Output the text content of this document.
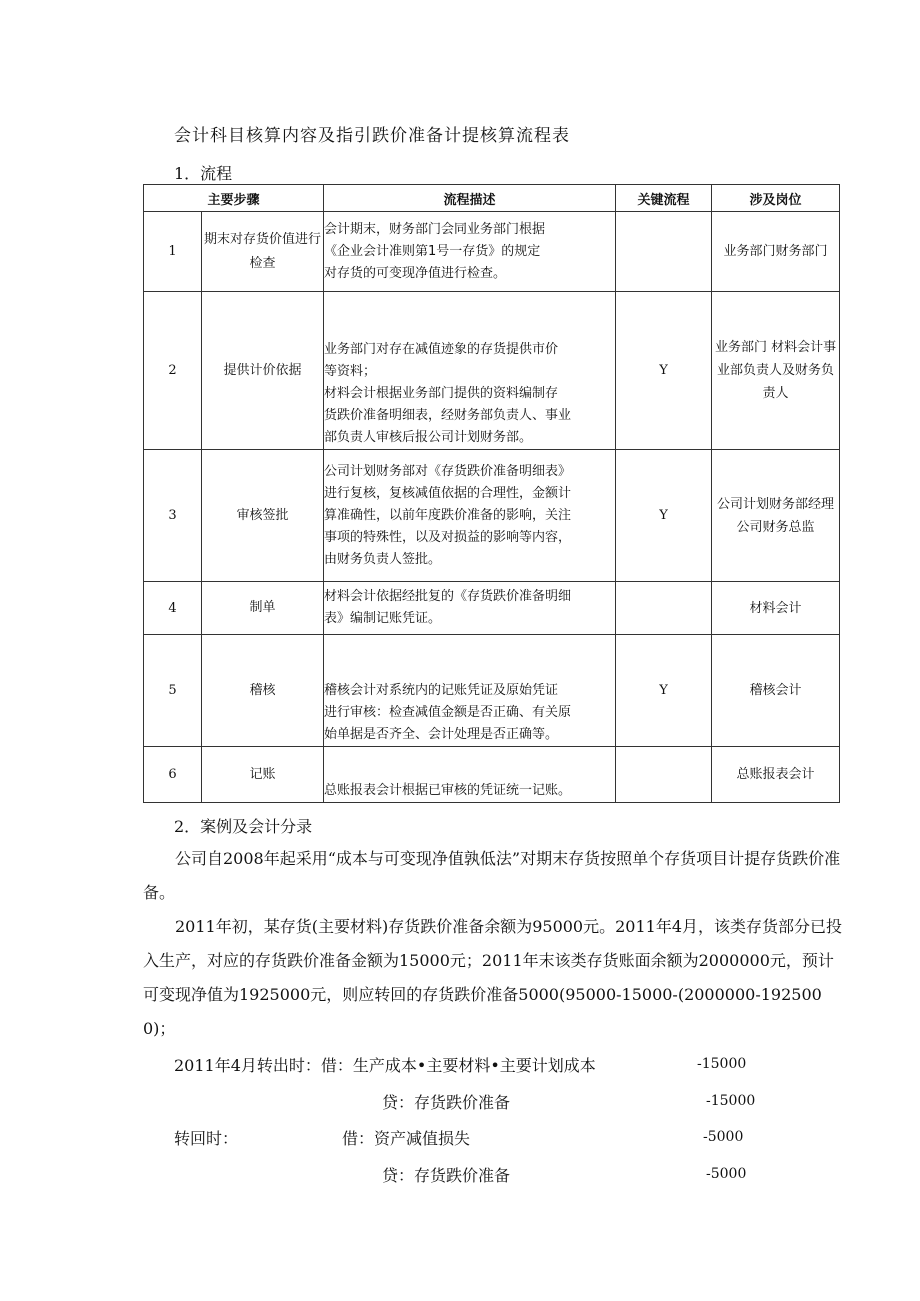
会计科目核算内容及指引跌价准备计提核算流程表
1．流程
主要步骤		流程描述	关键流程	涉及岗位
1	期末对存货价值进行检查	会计期末，财务部门会同业务部门根据
《企业会计准则第1号一存货》的规定
对存货的可变现净值进行检查。		业务部门财务部门
2	提供计价依据	业务部门对存在减值迹象的存货提供市价
等资料；
材料会计根据业务部门提供的资料编制存
货跌价准备明细表，经财务部负责人、事业
部负责人审核后报公司计划财务部。	Y	业务部门 材料会计事业部负责人及财务负责人
3	审核签批	公司计划财务部对《存货跌价准备明细表》
进行复核，复核减值依据的合理性，金额计
算准确性，以前年度跌价准备的影响，关注
事项的特殊性，以及对损益的影响等内容，
由财务负责人签批。	Y	公司计划财务部经理公司财务总监
4	制单	材料会计依据经批复的《存货跌价准备明细
表》编制记账凭证。		材料会计
5	稽核	稽核会计对系统内的记账凭证及原始凭证
进行审核：检查减值金额是否正确、有关原
始单据是否齐全、会计处理是否正确等。	Y	稽核会计
6	记账	总账报表会计根据已审核的凭证统一记账。		总账报表会计
2．案例及会计分录
公司自2008年起采用“成本与可变现净值孰低法”对期末存货按照单个存货项目计提存货跌价准备。
2011年初，某存货(主要材料)存货跌价准备余额为95000元。2011年4月，该类存货部分已投入生产，对应的存货跌价准备金额为15000元；2011年末该类存货账面余额为2000000元，预计可变现净值为1925000元，则应转回的存货跌价准备5000(95000-15000-(2000000-1925000)；
2011年4月转出时：借：生产成本•主要材料•主要计划成本	-15000
贷：存货跌价准备	-15000
转回时：	借：资产减值损失	-5000
贷：存货跌价准备	-5000
